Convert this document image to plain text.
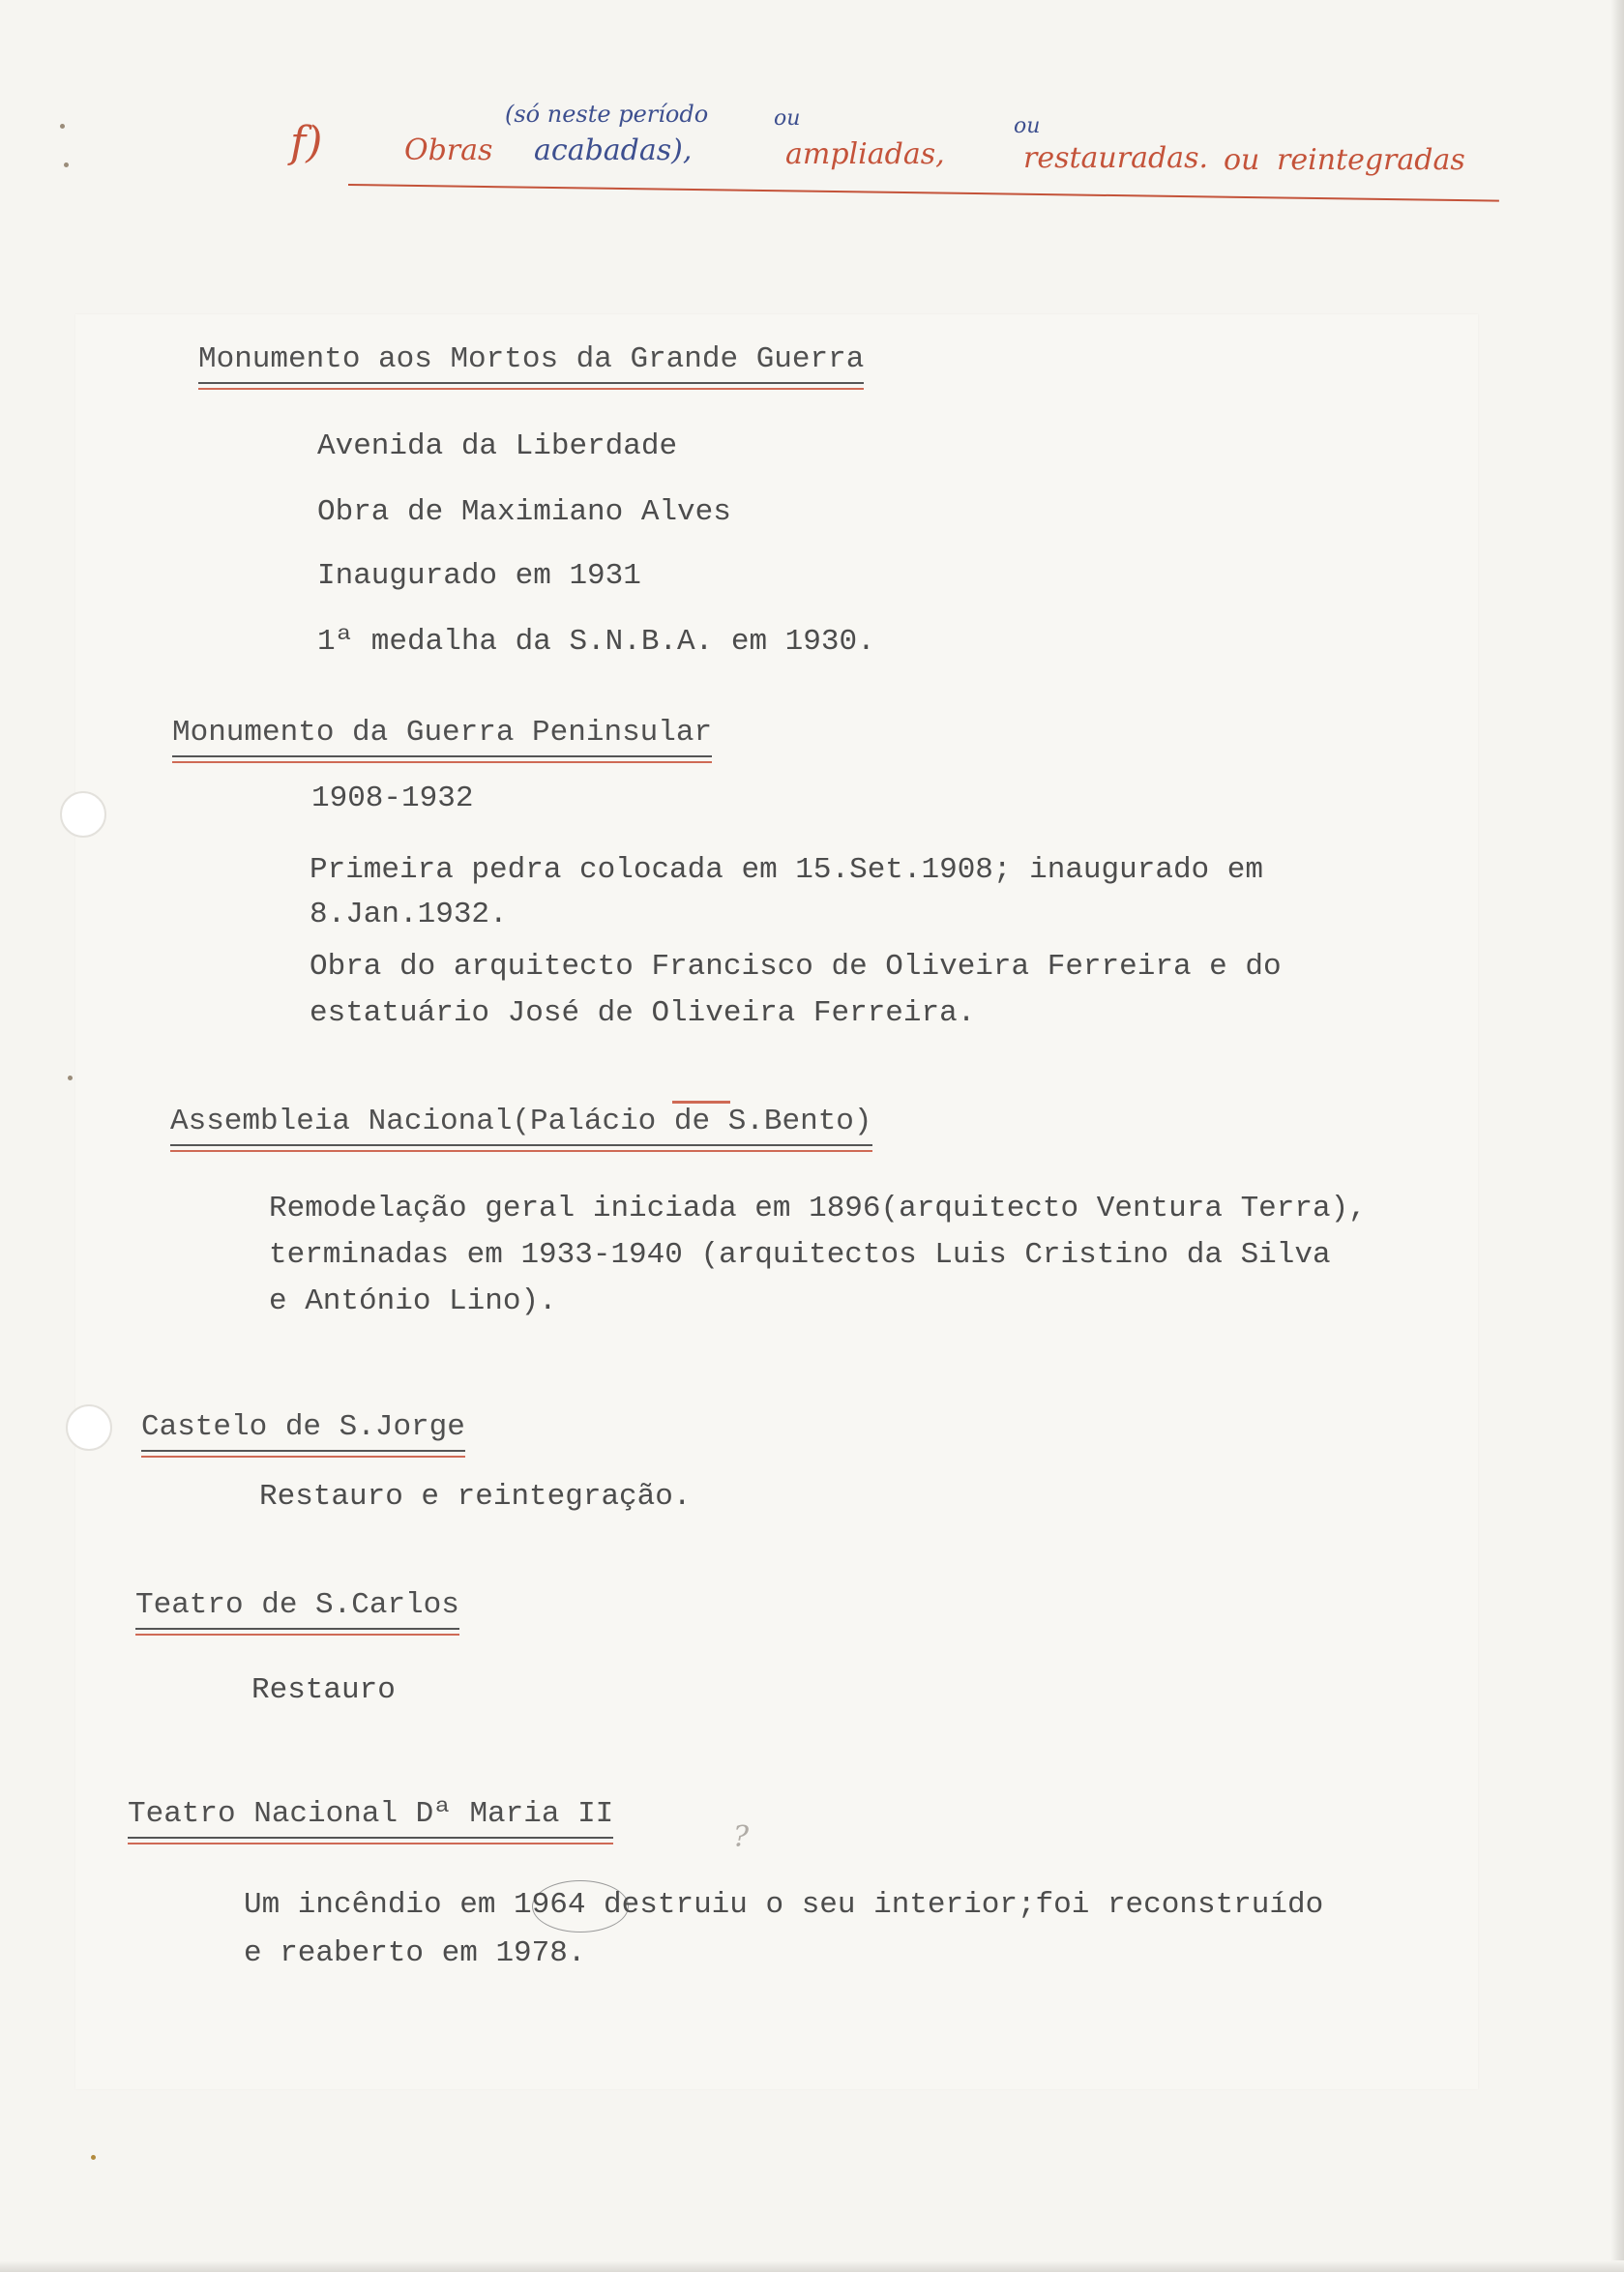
f)	Obras
(só neste período
acabadas),
ou
ampliadas,
ou
restauradas. ou reintegradas
Monumento aos Mortos da Grande Guerra
Avenida da Liberdade
Obra de Maximiano Alves
Inaugurado em 1931
1ª medalha da S.N.B.A. em 1930.
Monumento da Guerra Peninsular
1908-1932
Primeira pedra colocada em 15.Set.1908; inaugurado em
8.Jan.1932.
Obra do arquitecto Francisco de Oliveira Ferreira e do
estatuário José de Oliveira Ferreira.
Assembleia Nacional(Palácio de S.Bento)
Remodelação geral iniciada em 1896(arquitecto Ventura Terra),
terminadas em 1933-1940 (arquitectos Luis Cristino da Silva
e António Lino).
Castelo de S.Jorge
Restauro e reintegração.
Teatro de S.Carlos
Restauro
Teatro Nacional Dª Maria II
?
Um incêndio em 1964 destruiu o seu interior;foi reconstruído
e reaberto em 1978.
